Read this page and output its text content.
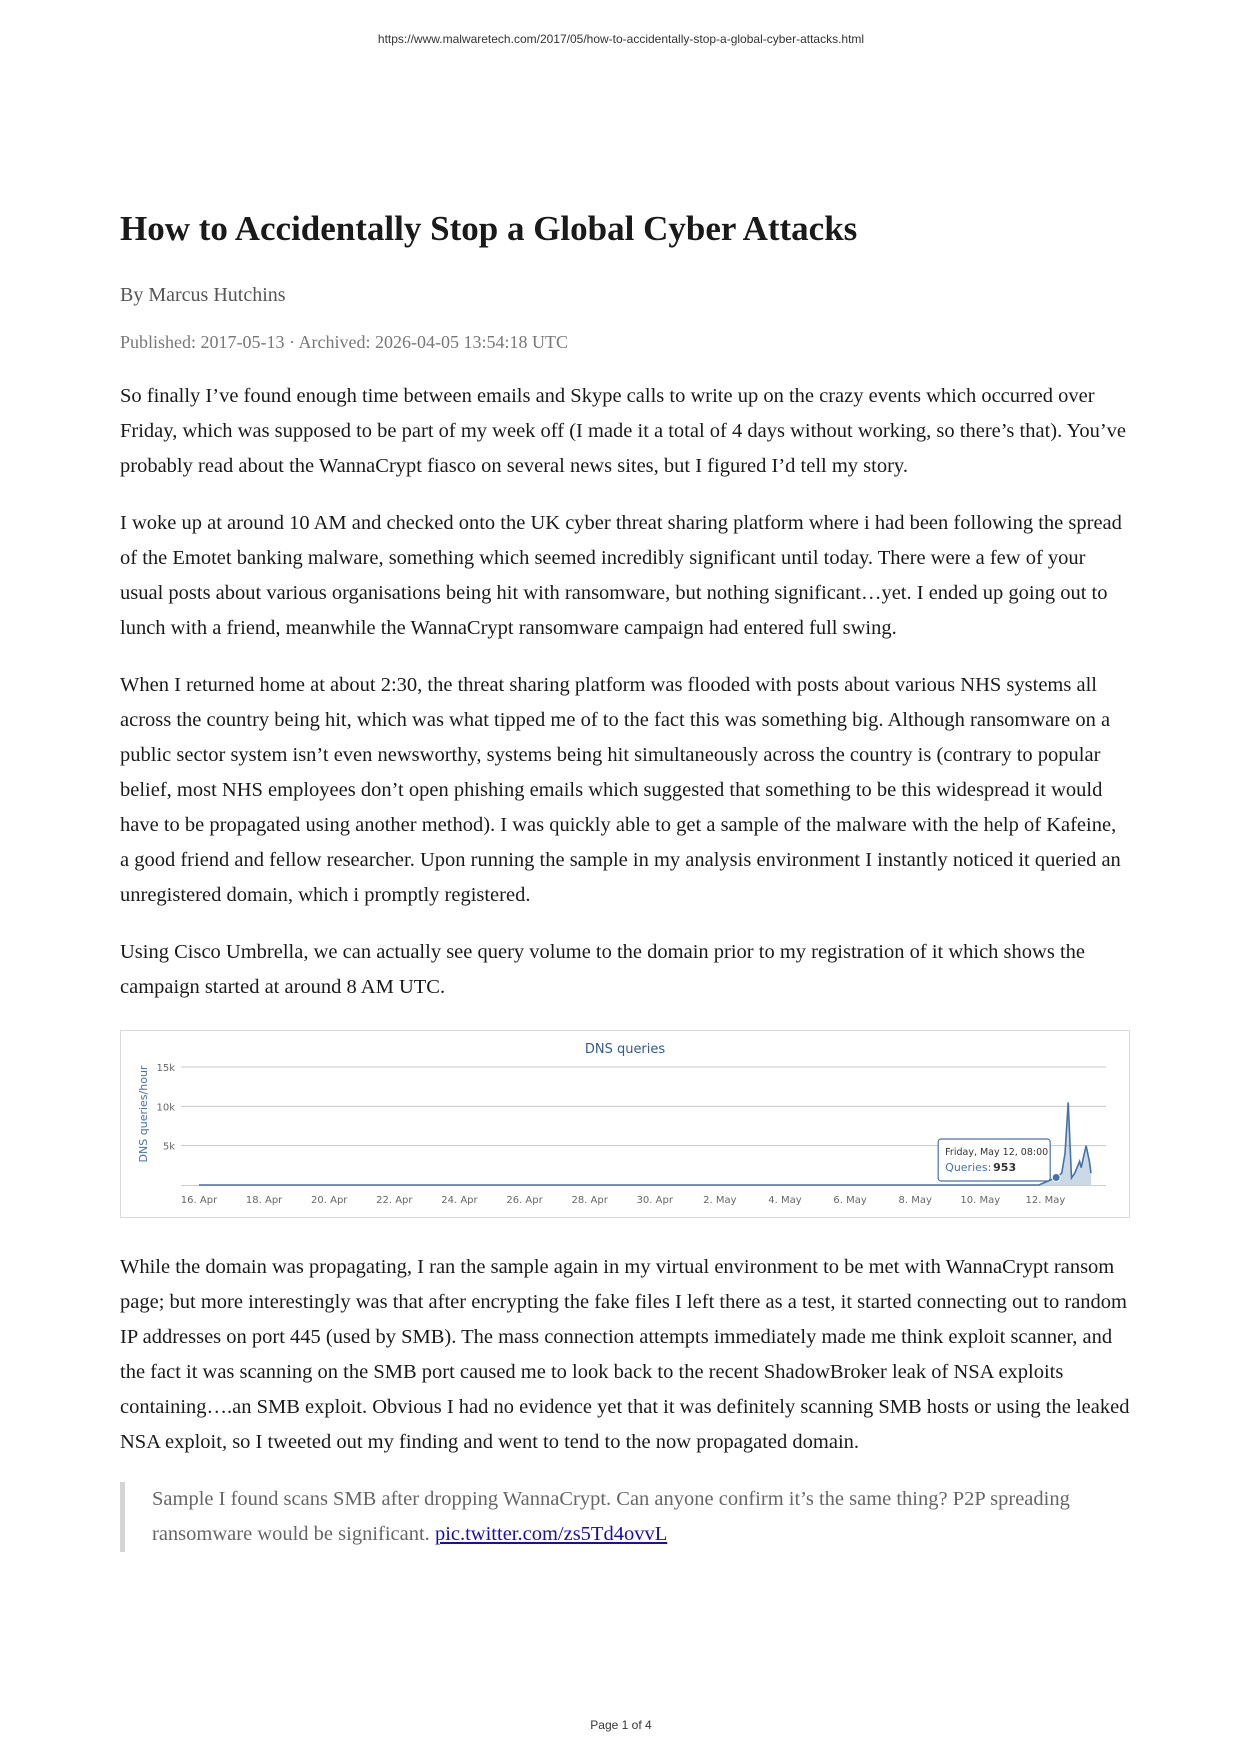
https://www.malwaretech.com/2017/05/how-to-accidentally-stop-a-global-cyber-attacks.html
How to Accidentally Stop a Global Cyber Attacks
By Marcus Hutchins
Published: 2017-05-13 · Archived: 2026-04-05 13:54:18 UTC

So finally I’ve found enough time between emails and Skype calls to write up on the crazy events which occurred over Friday, which was supposed to be part of my week off (I made it a total of 4 days without working, so there’s that). You’ve probably read about the WannaCrypt fiasco on several news sites, but I figured I’d tell my story.

I woke up at around 10 AM and checked onto the UK cyber threat sharing platform where i had been following the spread of the Emotet banking malware, something which seemed incredibly significant until today. There were a few of your usual posts about various organisations being hit with ransomware, but nothing significant…yet. I ended up going out to lunch with a friend, meanwhile the WannaCrypt ransomware campaign had entered full swing.

When I returned home at about 2:30, the threat sharing platform was flooded with posts about various NHS systems all across the country being hit, which was what tipped me of to the fact this was something big. Although ransomware on a public sector system isn’t even newsworthy, systems being hit simultaneously across the country is (contrary to popular belief, most NHS employees don’t open phishing emails which suggested that something to be this widespread it would have to be propagated using another method). I was quickly able to get a sample of the malware with the help of Kafeine, a good friend and fellow researcher. Upon running the sample in my analysis environment I instantly noticed it queried an unregistered domain, which i promptly registered.

Using Cisco Umbrella, we can actually see query volume to the domain prior to my registration of it which shows the campaign started at around 8 AM UTC.

DNS queries
DNS queries/hour 5k
10k
15k
16. Apr	18. Apr	20. Apr	22. Apr	24. Apr	26. Apr	28. Apr	30. Apr	2. May	4. May	6. May	8. May	10. May	12. May
Friday, May 12, 08:00
Queries: 953

While the domain was propagating, I ran the sample again in my virtual environment to be met with WannaCrypt ransom page; but more interestingly was that after encrypting the fake files I left there as a test, it started connecting out to random IP addresses on port 445 (used by SMB). The mass connection attempts immediately made me think exploit scanner, and the fact it was scanning on the SMB port caused me to look back to the recent ShadowBroker leak of NSA exploits containing….an SMB exploit. Obvious I had no evidence yet that it was definitely scanning SMB hosts or using the leaked NSA exploit, so I tweeted out my finding and went to tend to the now propagated domain.

Sample I found scans SMB after dropping WannaCrypt. Can anyone confirm it’s the same thing? P2P spreading ransomware would be significant. pic.twitter.com/zs5Td4ovvL
Page 1 of 4
